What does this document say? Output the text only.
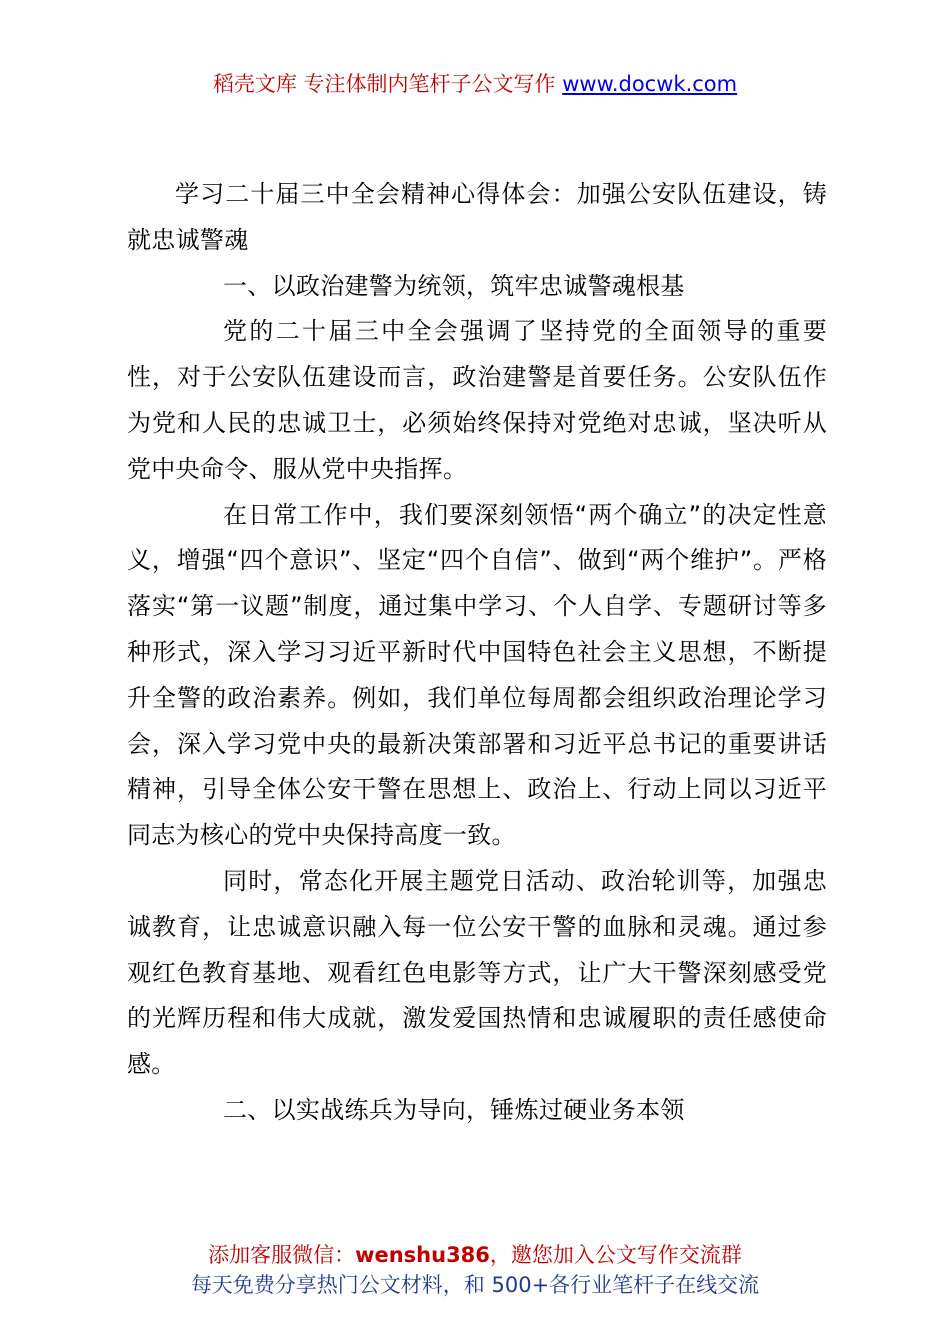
稻壳文库 专注体制内笔杆子公文写作 www.docwk.com

学习二十届三中全会精神心得体会：加强公安队伍建设，铸就忠诚警魂

一、以政治建警为统领，筑牢忠诚警魂根基

党的二十届三中全会强调了坚持党的全面领导的重要性，对于公安队伍建设而言，政治建警是首要任务。公安队伍作为党和人民的忠诚卫士，必须始终保持对党绝对忠诚，坚决听从党中央命令、服从党中央指挥。

在日常工作中，我们要深刻领悟“两个确立”的决定性意义，增强“四个意识”、坚定“四个自信”、做到“两个维护”。严格落实“第一议题”制度，通过集中学习、个人自学、专题研讨等多种形式，深入学习习近平新时代中国特色社会主义思想，不断提升全警的政治素养。例如，我们单位每周都会组织政治理论学习会，深入学习党中央的最新决策部署和习近平总书记的重要讲话精神，引导全体公安干警在思想上、政治上、行动上同以习近平同志为核心的党中央保持高度一致。

同时，常态化开展主题党日活动、政治轮训等，加强忠诚教育，让忠诚意识融入每一位公安干警的血脉和灵魂。通过参观红色教育基地、观看红色电影等方式，让广大干警深刻感受党的光辉历程和伟大成就，激发爱国热情和忠诚履职的责任感使命感。

二、以实战练兵为导向，锤炼过硬业务本领

添加客服微信：wenshu386，邀您加入公文写作交流群
每天免费分享热门公文材料，和 500+各行业笔杆子在线交流
